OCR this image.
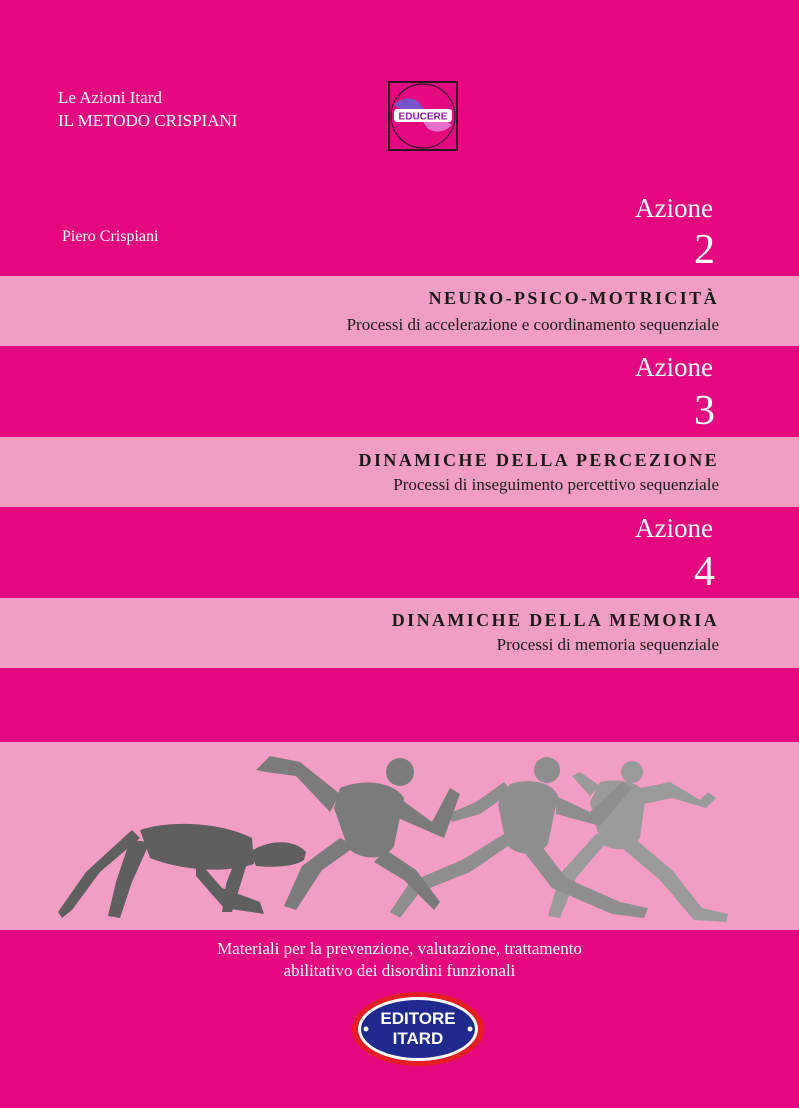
Le Azioni Itard
IL METODO CRISPIANI
Piero Crispiani
EDUCERE
Azione
2
NEURO-PSICO-MOTRICITÀ
Processi di accelerazione e coordinamento sequenziale
Azione
3
DINAMICHE DELLA PERCEZIONE
Processi di inseguimento percettivo sequenziale
Azione
4
DINAMICHE DELLA MEMORIA
Processi di memoria sequenziale
Materiali per la prevenzione, valutazione, trattamento
abilitativo dei disordini funzionali
EDITORE
ITARD
